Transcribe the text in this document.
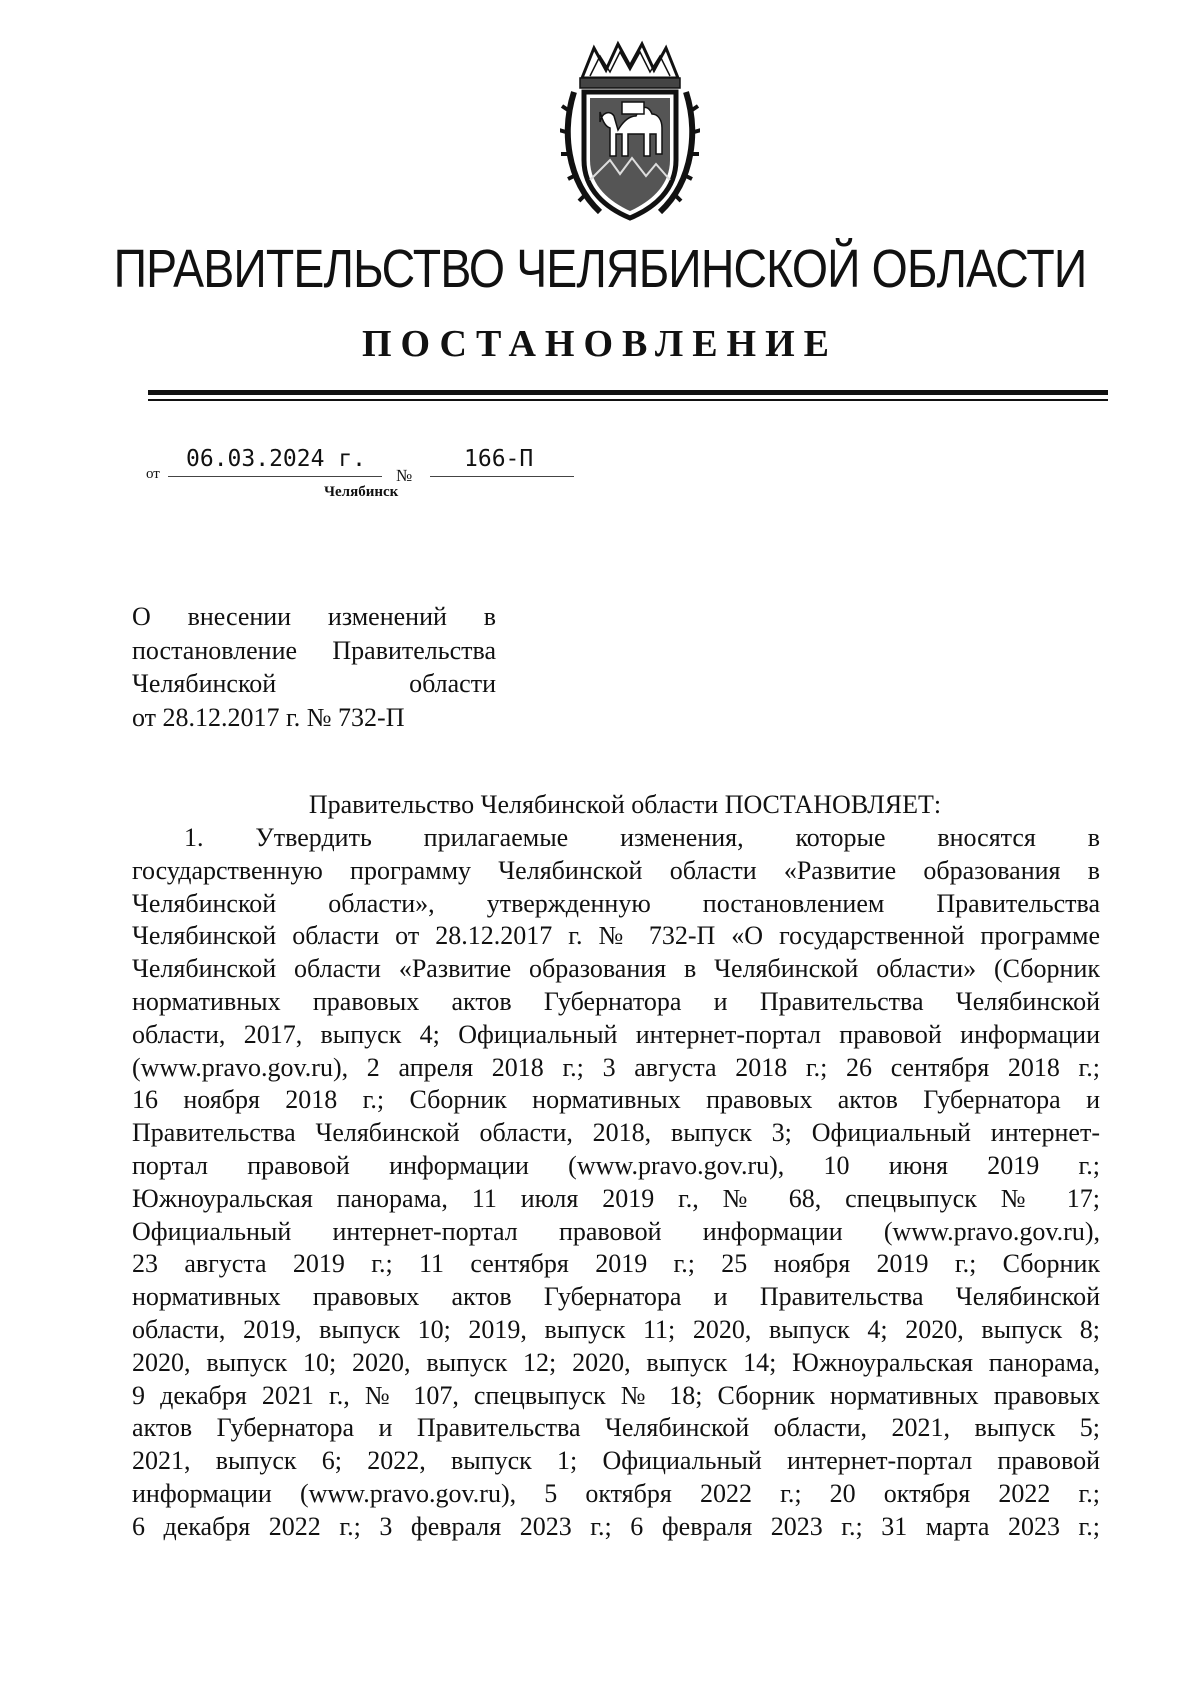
ПРАВИТЕЛЬСТВО ЧЕЛЯБИНСКОЙ ОБЛАСТИ
ПОСТАНОВЛЕНИЕ
от
06.03.2024 г.
№
166-П
Челябинск
О внесении изменений в
постановление Правительства
Челябинской области
от 28.12.2017 г. № 732-П
Правительство Челябинской области ПОСТАНОВЛЯЕТ:
1. Утвердить прилагаемые изменения, которые вносятся в
государственную программу Челябинской области «Развитие образования в
Челябинской области», утвержденную постановлением Правительства
Челябинской области от 28.12.2017 г. № 732-П «О государственной программе
Челябинской области «Развитие образования в Челябинской области» (Сборник
нормативных правовых актов Губернатора и Правительства Челябинской
области, 2017, выпуск 4; Официальный интернет-портал правовой информации
(www.pravo.gov.ru), 2 апреля 2018 г.; 3 августа 2018 г.; 26 сентября 2018 г.;
16 ноября 2018 г.; Сборник нормативных правовых актов Губернатора и
Правительства Челябинской области, 2018, выпуск 3; Официальный интернет-
портал правовой информации (www.pravo.gov.ru), 10 июня 2019 г.;
Южноуральская панорама, 11 июля 2019 г., № 68, спецвыпуск № 17;
Официальный интернет-портал правовой информации (www.pravo.gov.ru),
23 августа 2019 г.; 11 сентября 2019 г.; 25 ноября 2019 г.; Сборник
нормативных правовых актов Губернатора и Правительства Челябинской
области, 2019, выпуск 10; 2019, выпуск 11; 2020, выпуск 4; 2020, выпуск 8;
2020, выпуск 10; 2020, выпуск 12; 2020, выпуск 14; Южноуральская панорама,
9 декабря 2021 г., № 107, спецвыпуск № 18; Сборник нормативных правовых
актов Губернатора и Правительства Челябинской области, 2021, выпуск 5;
2021, выпуск 6; 2022, выпуск 1; Официальный интернет-портал правовой
информации (www.pravo.gov.ru), 5 октября 2022 г.; 20 октября 2022 г.;
6 декабря 2022 г.; 3 февраля 2023 г.; 6 февраля 2023 г.; 31 марта 2023 г.;
